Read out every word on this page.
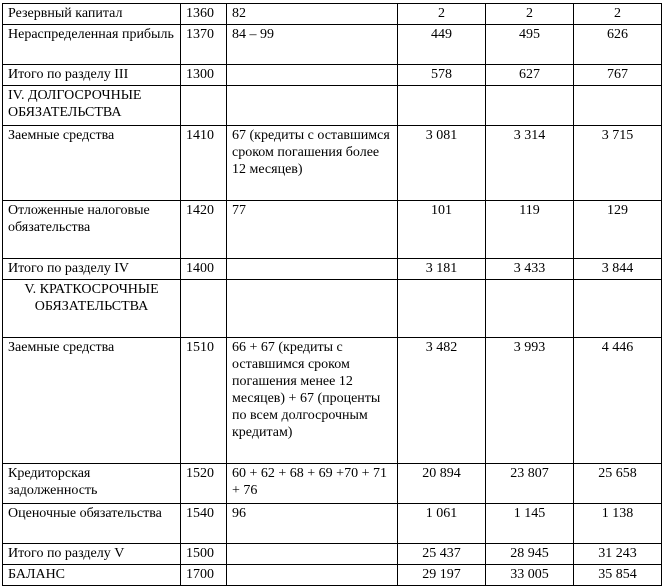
Резервный капитал	1360	82	2	2	2
Нераспределенная прибыль	1370	84 – 99	449	495	626
Итого по разделу III	1300		578	627	767
IV. ДОЛГОСРОЧНЫЕ ОБЯЗАТЕЛЬСТВА					
Заемные средства	1410	67 (кредиты с оставшимся сроком погашения более 12 месяцев)	3 081	3 314	3 715
Отложенные налоговые обязательства	1420	77	101	119	129
Итого по разделу IV	1400		3 181	3 433	3 844
V. КРАТКОСРОЧНЫЕ ОБЯЗАТЕЛЬСТВА					
Заемные средства	1510	66 + 67 (кредиты с оставшимся сроком погашения менее 12 месяцев) + 67 (проценты по всем долгосрочным кредитам)	3 482	3 993	4 446
Кредиторская задолженность	1520	60 + 62 + 68 + 69 +70 + 71 + 76	20 894	23 807	25 658
Оценочные обязательства	1540	96	1 061	1 145	1 138
Итого по разделу V	1500		25 437	28 945	31 243
БАЛАНС	1700		29 197	33 005	35 854
